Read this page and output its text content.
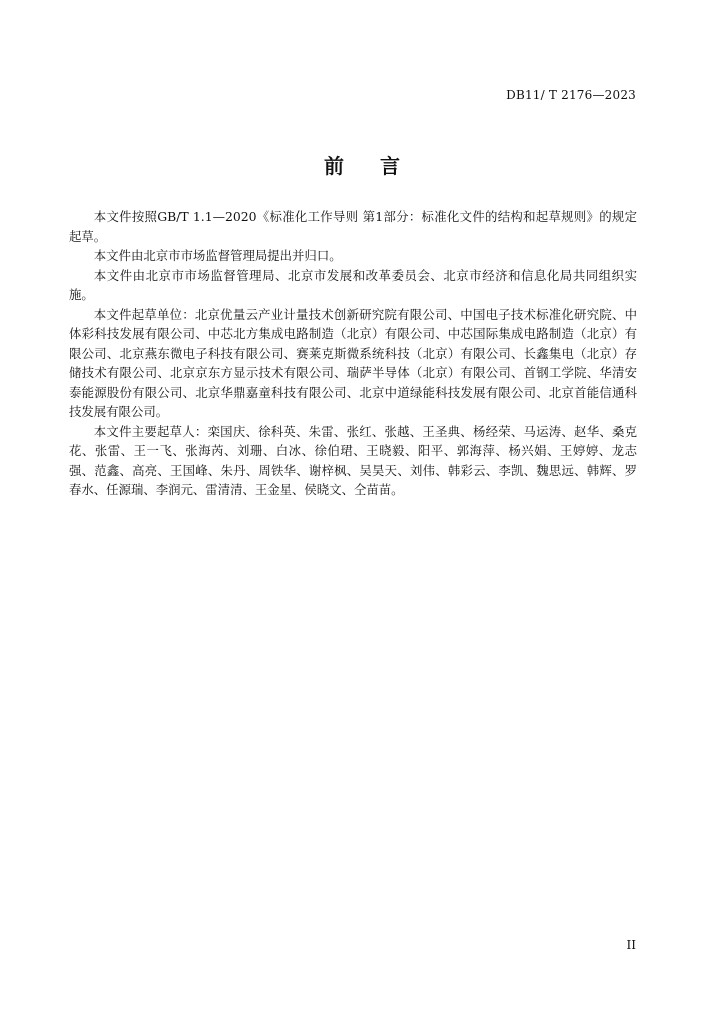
DB11/ T 2176—2023
前 言

本文件按照GB/T 1.1—2020《标准化工作导则 第1部分：标准化文件的结构和起草规则》的规定起草。

本文件由北京市市场监督管理局提出并归口。

本文件由北京市市场监督管理局、北京市发展和改革委员会、北京市经济和信息化局共同组织实施。

本文件起草单位：北京优量云产业计量技术创新研究院有限公司、中国电子技术标准化研究院、中体彩科技发展有限公司、中芯北方集成电路制造（北京）有限公司、中芯国际集成电路制造（北京）有限公司、北京燕东微电子科技有限公司、赛莱克斯微系统科技（北京）有限公司、长鑫集电（北京）存储技术有限公司、北京京东方显示技术有限公司、瑞萨半导体（北京）有限公司、首钢工学院、华清安泰能源股份有限公司、北京华鼎嘉童科技有限公司、北京中道绿能科技发展有限公司、北京首能信通科技发展有限公司。

本文件主要起草人：栾国庆、徐科英、朱雷、张红、张越、王圣典、杨经荣、马运涛、赵华、桑克花、张雷、王一飞、张海芮、刘珊、白冰、徐伯珺、王晓毅、阳平、郭海萍、杨兴娟、王婷婷、龙志强、范鑫、高亮、王国峰、朱丹、周铁华、谢梓枫、吴昊天、刘伟、韩彩云、李凯、魏思远、韩辉、罗春水、任源瑞、李润元、雷清清、王金星、侯晓文、仝苗苗。

II
